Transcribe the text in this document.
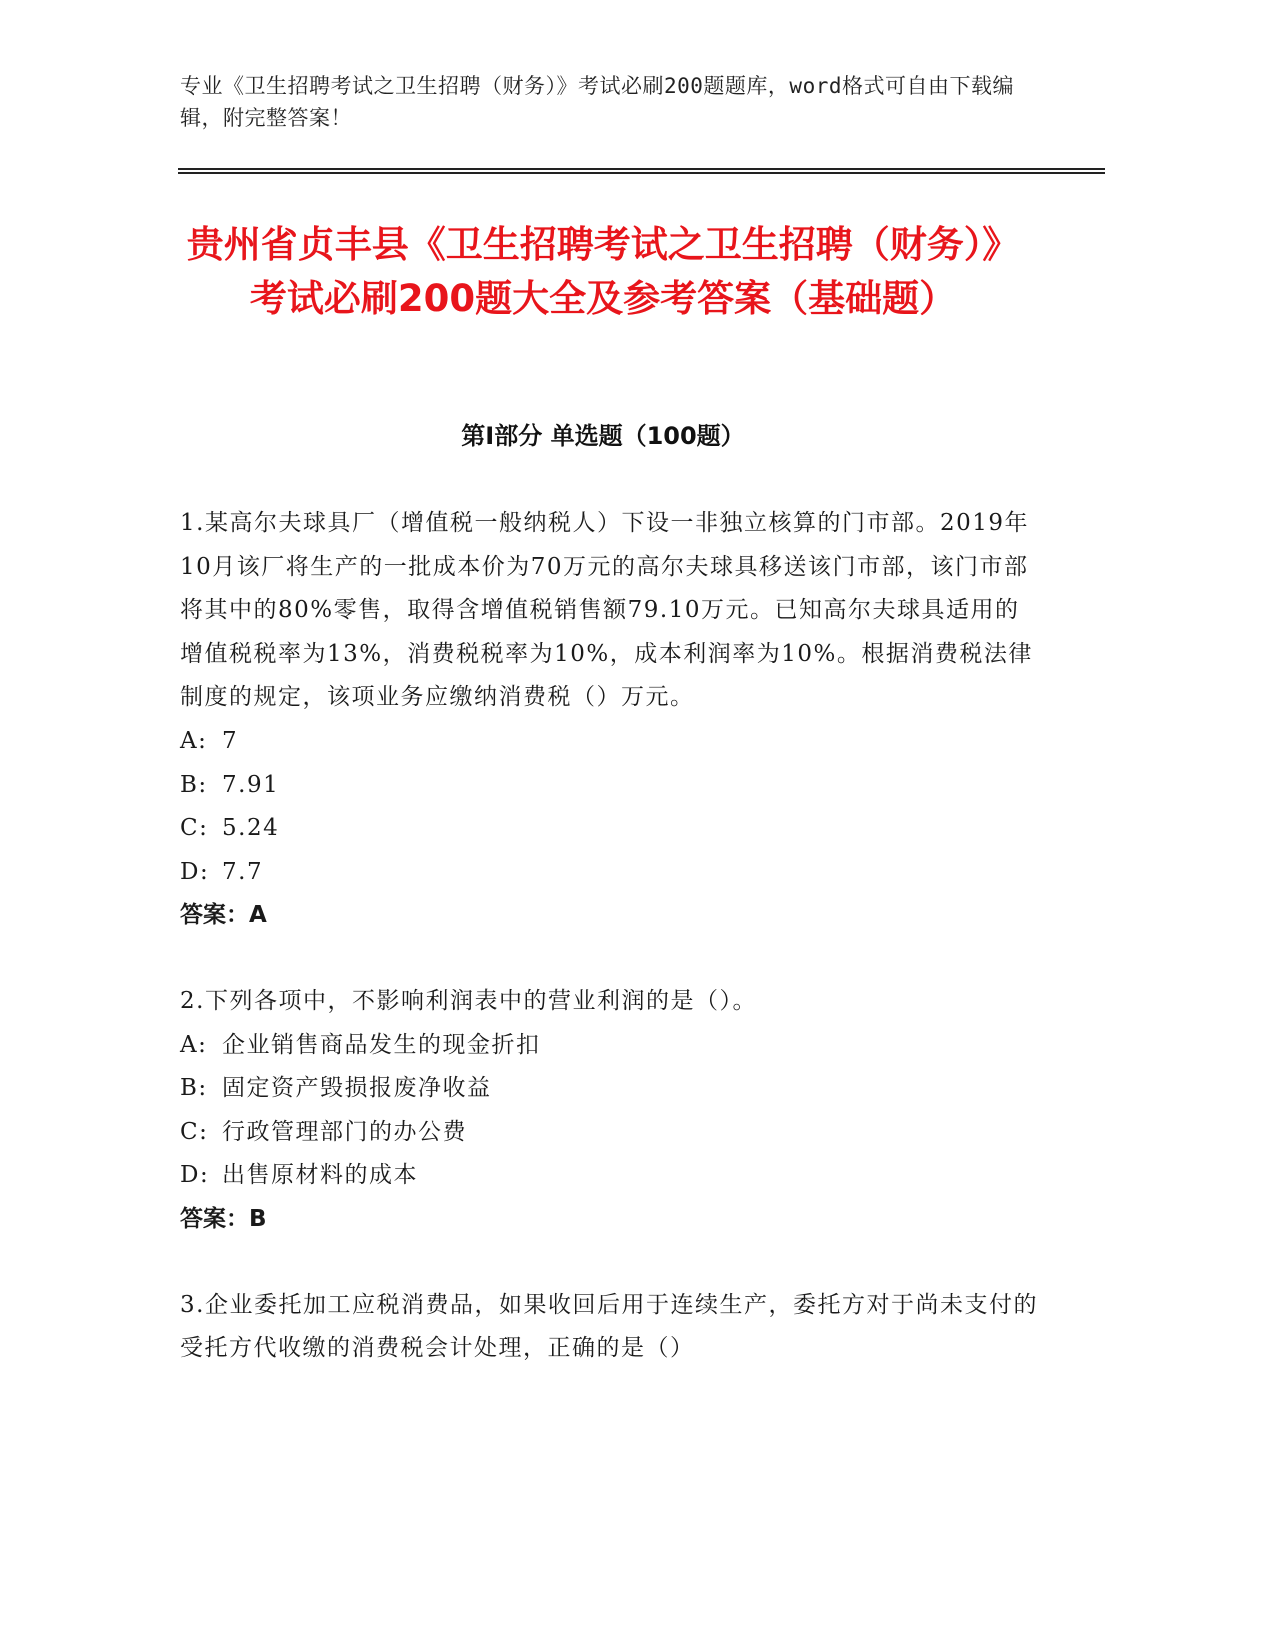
专业《卫生招聘考试之卫生招聘（财务）》考试必刷200题题库，word格式可自由下载编辑，附完整答案！
贵州省贞丰县《卫生招聘考试之卫生招聘（财务）》考试必刷200题大全及参考答案（基础题）
第Ⅰ部分 单选题（100题）

1.某高尔夫球具厂（增值税一般纳税人）下设一非独立核算的门市部。2019年10月该厂将生产的一批成本价为70万元的高尔夫球具移送该门市部，该门市部将其中的80%零售，取得含增值税销售额79.10万元。已知高尔夫球具适用的增值税税率为13%，消费税税率为10%，成本利润率为10%。根据消费税法律制度的规定，该项业务应缴纳消费税（）万元。

A: 7

B: 7.91

C: 5.24

D: 7.7

答案：A

2.下列各项中，不影响利润表中的营业利润的是（）。

A: 企业销售商品发生的现金折扣

B: 固定资产毁损报废净收益

C: 行政管理部门的办公费

D: 出售原材料的成本

答案：B

3.企业委托加工应税消费品，如果收回后用于连续生产，委托方对于尚未支付的受托方代收缴的消费税会计处理，正确的是（）
